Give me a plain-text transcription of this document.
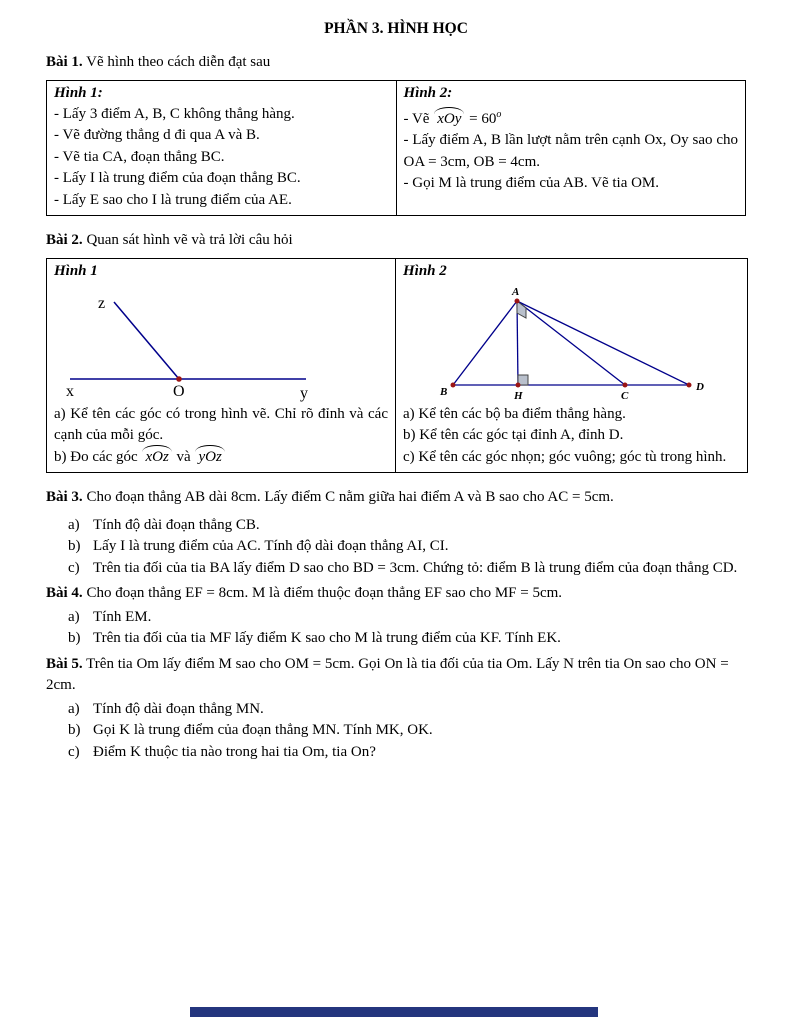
PHẦN 3. HÌNH HỌC

Bài 1. Vẽ hình theo cách diễn đạt sau

Hình 1:

- Lấy 3 điểm A, B, C không thẳng hàng.

- Vẽ đường thẳng d đi qua A và B.

- Vẽ tia CA, đoạn thẳng BC.

- Lấy I là trung điểm của đoạn thẳng BC.

- Lấy E sao cho I là trung điểm của AE.

Hình 2:

- Vẽ xOy = $60^o$

- Lấy điểm A, B lần lượt nằm trên cạnh Ox, Oy sao cho OA = 3cm, OB = 4cm.

- Gọi M là trung điểm của AB. Vẽ tia OM.

Bài 2. Quan sát hình vẽ và trả lời câu hỏi

Hình 1

z
x	O	y

a) Kể tên các góc có trong hình vẽ. Chỉ rõ đỉnh và các cạnh của mỗi góc.

b) Đo các góc xOz và yOz

Hình 2

A
B	H	C
D

a) Kể tên các bộ ba điểm thẳng hàng.

b) Kể tên các góc tại đỉnh A, đỉnh D.

c) Kể tên các góc nhọn; góc vuông; góc tù trong hình.

Bài 3. Cho đoạn thẳng AB dài 8cm. Lấy điểm C nằm giữa hai điểm A và B sao cho AC = 5cm.

a) Tính độ dài đoạn thẳng CB.
b) Lấy I là trung điểm của AC. Tính độ dài đoạn thẳng AI, CI.
c) Trên tia đối của tia BA lấy điểm D sao cho BD = 3cm. Chứng tỏ: điểm B là trung điểm của đoạn thẳng CD.

Bài 4. Cho đoạn thẳng EF = 8cm. M là điểm thuộc đoạn thẳng EF sao cho MF = 5cm.

a) Tính EM.
b) Trên tia đối của tia MF lấy điểm K sao cho M là trung điểm của KF. Tính EK.

Bài 5. Trên tia Om lấy điểm M sao cho OM = 5cm. Gọi On là tia đối của tia Om. Lấy N trên tia On sao cho ON = 2cm.

a) Tính độ dài đoạn thẳng MN.
b) Gọi K là trung điểm của đoạn thẳng MN. Tính MK, OK.
c) Điểm K thuộc tia nào trong hai tia Om, tia On?
